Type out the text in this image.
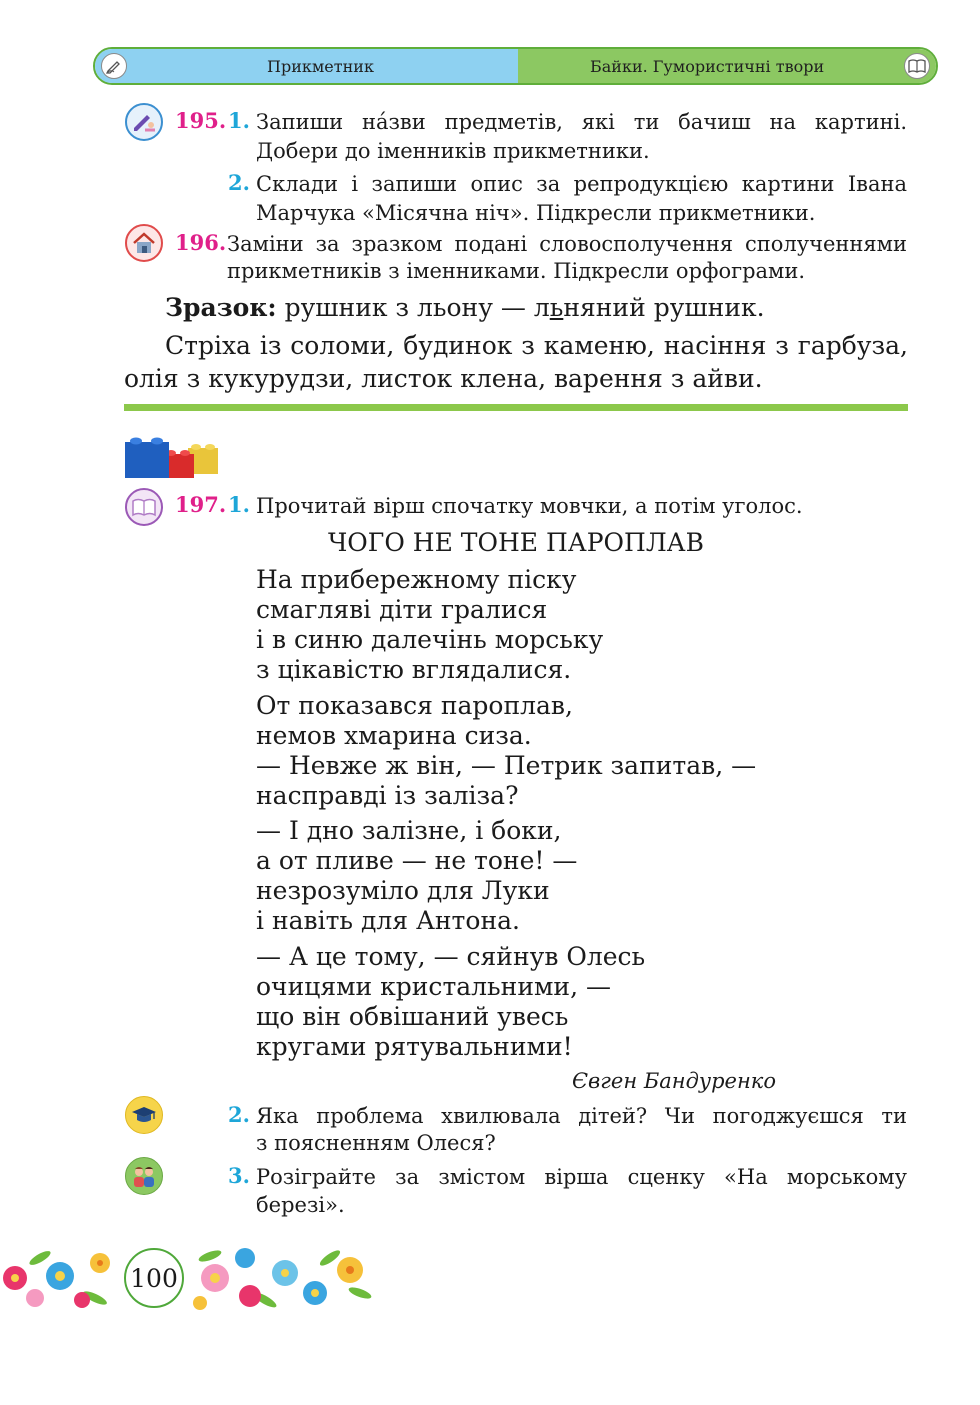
Прикметник	Байки. Гумористичні твори
195. 1. Запиши на́зви предметів, які ти бачиш на картині.
Добери до іменників прикметники.
2. Склади і запиши опис за репродукцією картини Івана
Марчука «Місячна ніч». Підкресли прикметники.
196. Заміни за зразком подані словосполучення сполученнями
прикметників з іменниками. Підкресли орфограми.
Зразок: рушник з льону — льняний рушник.
Стріха із соломи, будинок з каменю, насіння з гарбуза,
олія з кукурудзи, листок клена, варення з айви.
197. 1. Прочитай вірш спочатку мовчки, а потім уголос.
ЧОГО НЕ ТОНЕ ПАРОПЛАВ
На прибережному піску
смагляві діти гралися
і в синю далечінь морську
з цікавістю вглядалися.
От показався пароплав,
немов хмарина сиза.
— Невже ж він, — Петрик запитав, —
насправді із заліза?
— І дно залізне, і боки,
а от пливе — не тоне! —
незрозуміло для Луки
і навіть для Антона.
— А це тому, — сяйнув Олесь
очицями кристальними, —
що він обвішаний увесь
кругами рятувальними!
Євген Бандуренко
2. Яка проблема хвилювала дітей? Чи погоджуєшся ти
з поясненням Олеся?
3. Розіграйте за змістом вірша сценку «На морському
березі».
100
